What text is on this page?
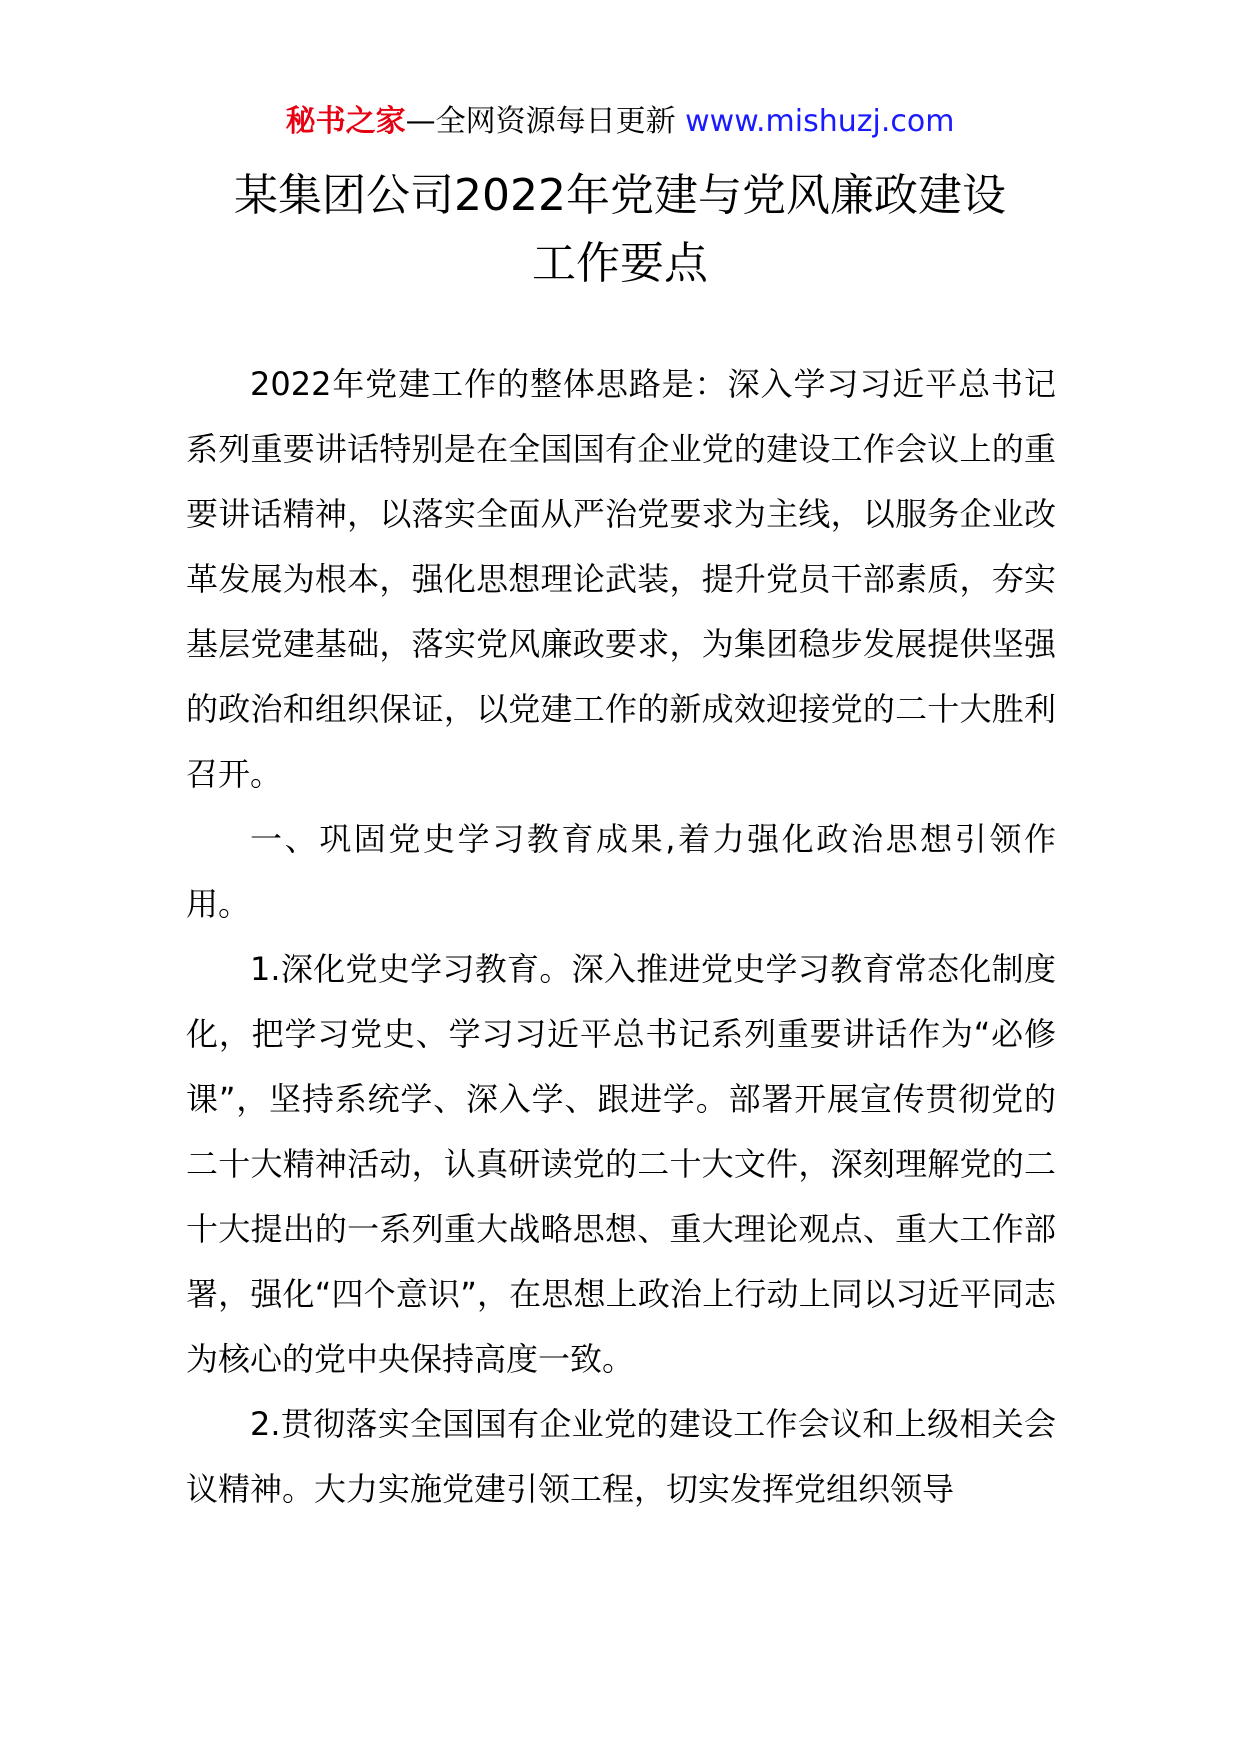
秘书之家—全网资源每日更新 www.mishuzj.com
某集团公司2022年党建与党风廉政建设
工作要点

2022年党建工作的整体思路是：深入学习习近平总书记系列重要讲话特别是在全国国有企业党的建设工作会议上的重要讲话精神，以落实全面从严治党要求为主线，以服务企业改革发展为根本，强化思想理论武装，提升党员干部素质，夯实基层党建基础，落实党风廉政要求，为集团稳步发展提供坚强的政治和组织保证，以党建工作的新成效迎接党的二十大胜利召开。

一、巩固党史学习教育成果,着力强化政治思想引领作用。

1.深化党史学习教育。深入推进党史学习教育常态化制度化，把学习党史、学习习近平总书记系列重要讲话作为“必修课”，坚持系统学、深入学、跟进学。部署开展宣传贯彻党的二十大精神活动，认真研读党的二十大文件，深刻理解党的二十大提出的一系列重大战略思想、重大理论观点、重大工作部署，强化“四个意识”，在思想上政治上行动上同以习近平同志为核心的党中央保持高度一致。

2.贯彻落实全国国有企业党的建设工作会议和上级相关会议精神。大力实施党建引领工程，切实发挥党组织领导
